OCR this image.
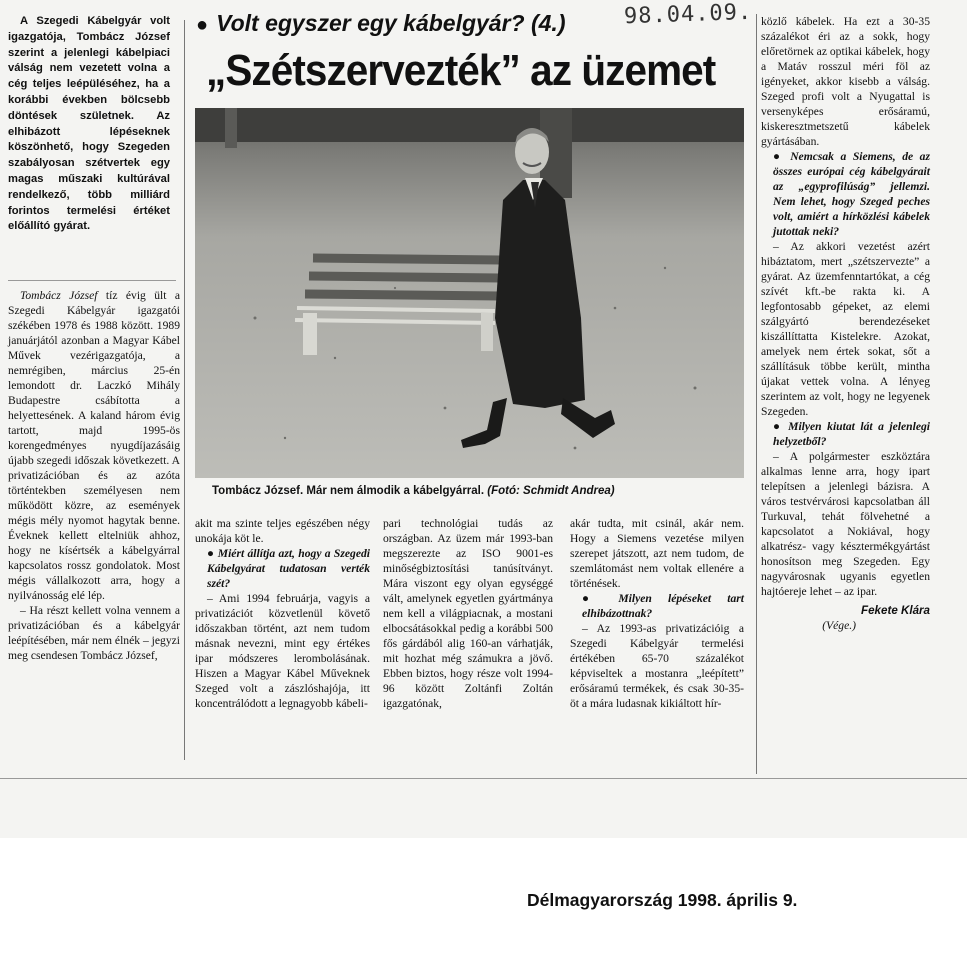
● Volt egyszer egy kábelgyár? (4.)	98.04.09.
„Szétszervezték” az üzemet
A Szegedi Kábelgyár volt igazgatója, Tombácz József szerint a jelenlegi kábelpiaci válság nem vezetett volna a cég teljes leépüléséhez, ha a korábbi években bölcsebb döntések születnek. Az elhibázott lépéseknek köszönhető, hogy Szegeden szabályosan szétvertek egy magas műszaki kultúrával rendelkező, több milliárd forintos termelési értéket előállító gyárat.
Tombácz József. Már nem álmodik a kábelgyárral. (Fotó: Schmidt Andrea)

Tombácz József tíz évig ült a Szegedi Kábelgyár igazgatói székében 1978 és 1988 között. 1989 januárjától azonban a Magyar Kábel Művek vezérigazgatója, a nemrégiben, március 25-én lemondott dr. Laczkó Mihály Budapestre csábította a helyettesének. A kaland három évig tartott, majd 1995-ös korengedményes nyugdíjazásáig újabb szegedi időszak következett. A privatizációban és az azóta történtekben személyesen nem működött közre, az események mégis mély nyomot hagytak benne. Éveknek kellett eltelniük ahhoz, hogy ne kísértsék a kábelgyárral kapcsolatos rossz gondolatok. Most mégis vállalkozott arra, hogy a nyilvánosság elé lép.

– Ha részt kellett volna vennem a privatizációban és a kábelgyár leépítésében, már nem élnék – jegyzi meg csendesen Tombácz József,

akit ma szinte teljes egészében négy unokája köt le.

● Miért állítja azt, hogy a Szegedi Kábelgyárat tudatosan verték szét?

– Ami 1994 februárja, vagyis a privatizációt közvetlenül követő időszakban történt, azt nem tudom másnak nevezni, mint egy értékes ipar módszeres lerombolásának. Hiszen a Magyar Kábel Műveknek Szeged volt a zászlóshajója, itt koncentrálódott a legnagyobb kábeli-

pari technológiai tudás az országban. Az üzem már 1993-ban megszerezte az ISO 9001-es minőségbiztosítási tanúsítványt. Mára viszont egy olyan egységgé vált, amelynek egyetlen gyártmánya nem kell a világpiacnak, a mostani elbocsátásokkal pedig a korábbi 500 fős gárdából alig 160-an várhatják, mit hozhat még számukra a jövő. Ebben biztos, hogy része volt 1994-96 között Zoltánfi Zoltán igazgatónak,

akár tudta, mit csinál, akár nem. Hogy a Siemens vezetése milyen szerepet játszott, azt nem tudom, de szemlátomást nem voltak ellenére a történések.

● Milyen lépéseket tart elhibázottnak?

– Az 1993-as privatizációig a Szegedi Kábelgyár termelési értékében 65-70 százalékot képviseltek a mostanra „leépített” erősáramú termékek, és csak 30-35-öt a mára ludasnak kikiáltott hír-

közlő kábelek. Ha ezt a 30-35 százalékot éri az a sokk, hogy előretörnek az optikai kábelek, hogy a Matáv rosszul méri föl az igényeket, akkor kisebb a válság. Szeged profi volt a Nyugattal is versenyképes erősáramú, kiskeresztmetszetű kábelek gyártásában.

● Nemcsak a Siemens, de az összes európai cég kábelgyárait az „egyprofilúság” jellemzi. Nem lehet, hogy Szeged peches volt, amiért a hírközlési kábelek jutottak neki?

– Az akkori vezetést azért hibáztatom, mert „szétszervezte” a gyárat. Az üzemfenntartókat, a cég szívét kft.-be rakta ki. A legfontosabb gépeket, az elemi szálgyártó berendezéseket kiszállíttatta Kistelekre. Azokat, amelyek nem értek sokat, sőt a szállításuk többe került, mintha újakat vettek volna. A lényeg szerintem az volt, hogy ne legyenek Szegeden.

● Milyen kiutat lát a jelenlegi helyzetből?

– A polgármester eszköztára alkalmas lenne arra, hogy ipart telepítsen a jelenlegi bázisra. A város testvérvárosi kapcsolatban áll Turkuval, tehát fölvehetné a kapcsolatot a Nokiával, hogy alkatrész- vagy késztermékgyártást honosítson meg Szegeden. Egy nagyvárosnak ugyanis egyetlen hajtóereje lehet – az ipar.

Fekete Klára
(Vége.)
Délmagyarország 1998. április 9.
